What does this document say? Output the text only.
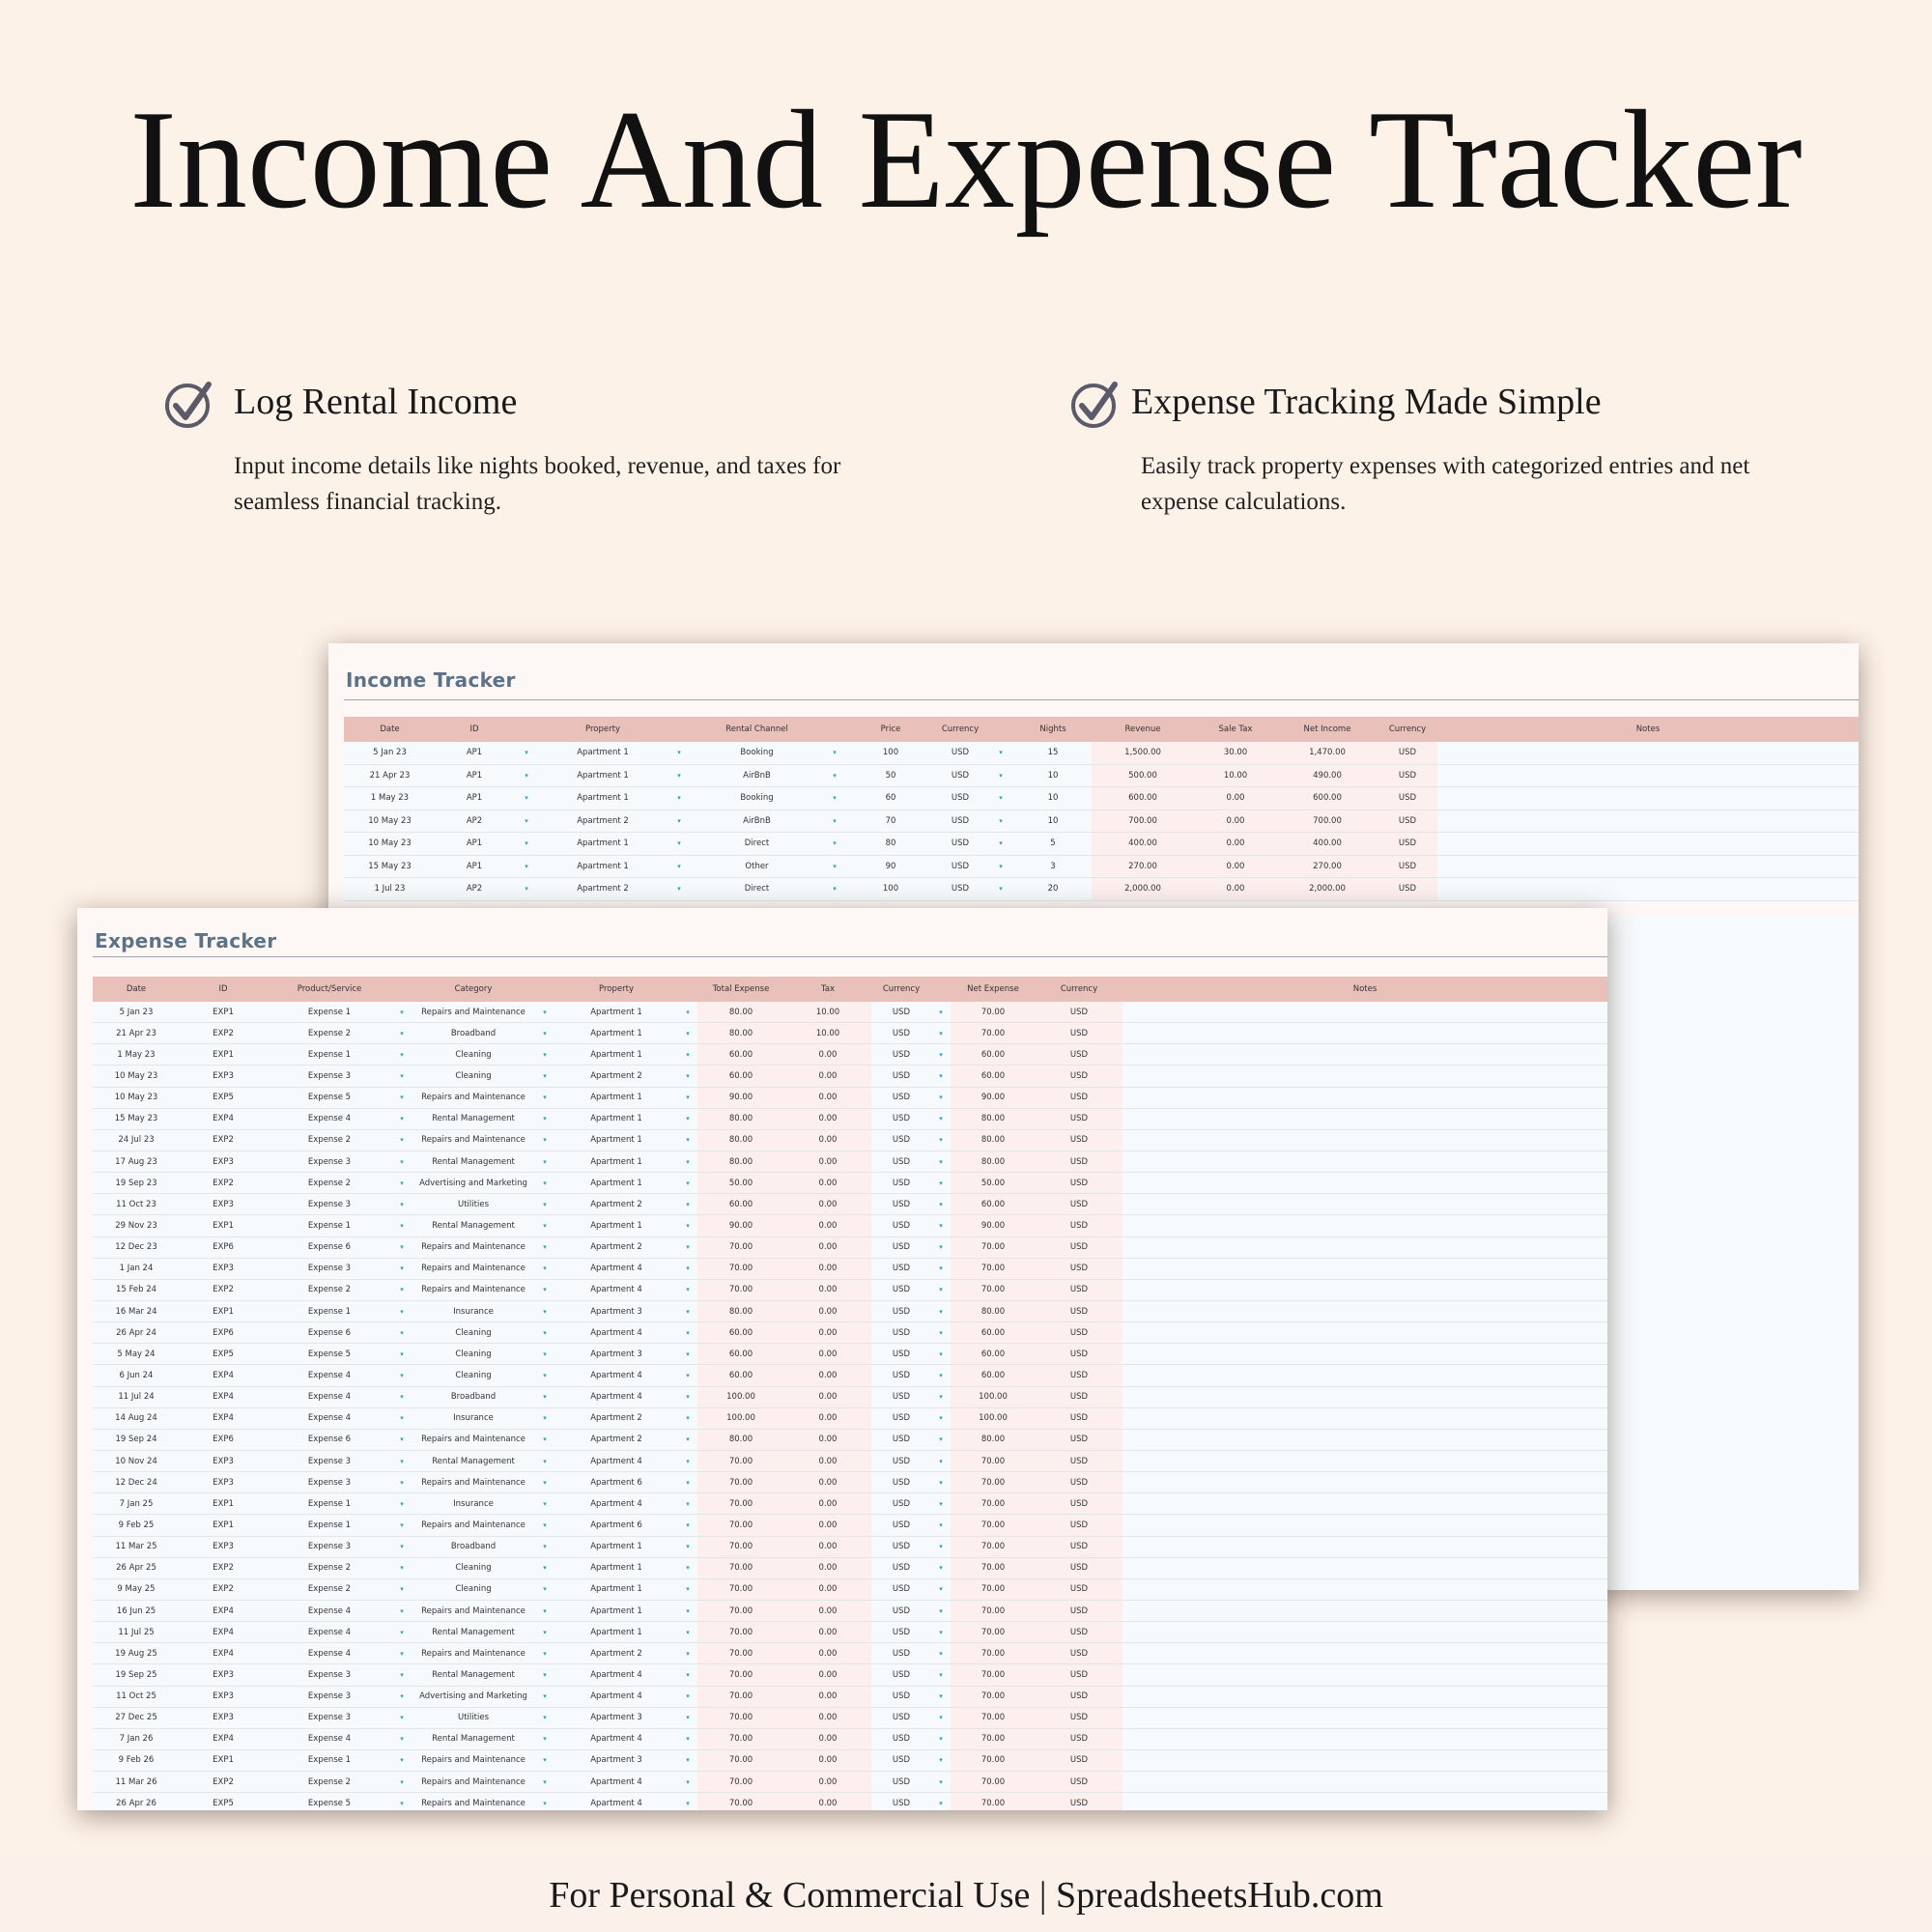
Income And Expense Tracker
Log Rental Income

Input income details like nights booked, revenue, and taxes for seamless financial tracking.

Expense Tracking Made Simple

Easily track property expenses with categorized entries and net expense calculations.

Income Tracker
Date	ID		Property		Rental Channel		Price	Currency		Nights	Revenue	Sale Tax	Net Income	Currency	Notes
5 Jan 23	AP1	▾	Apartment 1	▾	Booking	▾	100	USD	▾	15	1,500.00	30.00	1,470.00	USD	
21 Apr 23	AP1	▾	Apartment 1	▾	AirBnB	▾	50	USD	▾	10	500.00	10.00	490.00	USD	
1 May 23	AP1	▾	Apartment 1	▾	Booking	▾	60	USD	▾	10	600.00	0.00	600.00	USD	
10 May 23	AP2	▾	Apartment 2	▾	AirBnB	▾	70	USD	▾	10	700.00	0.00	700.00	USD	
10 May 23	AP1	▾	Apartment 1	▾	Direct	▾	80	USD	▾	5	400.00	0.00	400.00	USD	
15 May 23	AP1	▾	Apartment 1	▾	Other	▾	90	USD	▾	3	270.00	0.00	270.00	USD	
1 Jul 23	AP2	▾	Apartment 2	▾	Direct	▾	100	USD	▾	20	2,000.00	0.00	2,000.00	USD	
Expense Tracker
Date	ID	Product/Service		Category		Property		Total Expense	Tax	Currency		Net Expense	Currency	Notes
5 Jan 23	EXP1	Expense 1	▾	Repairs and Maintenance	▾	Apartment 1	▾	80.00	10.00	USD	▾	70.00	USD	
21 Apr 23	EXP2	Expense 2	▾	Broadband	▾	Apartment 1	▾	80.00	10.00	USD	▾	70.00	USD	
1 May 23	EXP1	Expense 1	▾	Cleaning	▾	Apartment 1	▾	60.00	0.00	USD	▾	60.00	USD	
10 May 23	EXP3	Expense 3	▾	Cleaning	▾	Apartment 2	▾	60.00	0.00	USD	▾	60.00	USD	
10 May 23	EXP5	Expense 5	▾	Repairs and Maintenance	▾	Apartment 1	▾	90.00	0.00	USD	▾	90.00	USD	
15 May 23	EXP4	Expense 4	▾	Rental Management	▾	Apartment 1	▾	80.00	0.00	USD	▾	80.00	USD	
24 Jul 23	EXP2	Expense 2	▾	Repairs and Maintenance	▾	Apartment 1	▾	80.00	0.00	USD	▾	80.00	USD	
17 Aug 23	EXP3	Expense 3	▾	Rental Management	▾	Apartment 1	▾	80.00	0.00	USD	▾	80.00	USD	
19 Sep 23	EXP2	Expense 2	▾	Advertising and Marketing	▾	Apartment 1	▾	50.00	0.00	USD	▾	50.00	USD	
11 Oct 23	EXP3	Expense 3	▾	Utilities	▾	Apartment 2	▾	60.00	0.00	USD	▾	60.00	USD	
29 Nov 23	EXP1	Expense 1	▾	Rental Management	▾	Apartment 1	▾	90.00	0.00	USD	▾	90.00	USD	
12 Dec 23	EXP6	Expense 6	▾	Repairs and Maintenance	▾	Apartment 2	▾	70.00	0.00	USD	▾	70.00	USD	
1 Jan 24	EXP3	Expense 3	▾	Repairs and Maintenance	▾	Apartment 4	▾	70.00	0.00	USD	▾	70.00	USD	
15 Feb 24	EXP2	Expense 2	▾	Repairs and Maintenance	▾	Apartment 4	▾	70.00	0.00	USD	▾	70.00	USD	
16 Mar 24	EXP1	Expense 1	▾	Insurance	▾	Apartment 3	▾	80.00	0.00	USD	▾	80.00	USD	
26 Apr 24	EXP6	Expense 6	▾	Cleaning	▾	Apartment 4	▾	60.00	0.00	USD	▾	60.00	USD	
5 May 24	EXP5	Expense 5	▾	Cleaning	▾	Apartment 3	▾	60.00	0.00	USD	▾	60.00	USD	
6 Jun 24	EXP4	Expense 4	▾	Cleaning	▾	Apartment 4	▾	60.00	0.00	USD	▾	60.00	USD	
11 Jul 24	EXP4	Expense 4	▾	Broadband	▾	Apartment 4	▾	100.00	0.00	USD	▾	100.00	USD	
14 Aug 24	EXP4	Expense 4	▾	Insurance	▾	Apartment 2	▾	100.00	0.00	USD	▾	100.00	USD	
19 Sep 24	EXP6	Expense 6	▾	Repairs and Maintenance	▾	Apartment 2	▾	80.00	0.00	USD	▾	80.00	USD	
10 Nov 24	EXP3	Expense 3	▾	Rental Management	▾	Apartment 4	▾	70.00	0.00	USD	▾	70.00	USD	
12 Dec 24	EXP3	Expense 3	▾	Repairs and Maintenance	▾	Apartment 6	▾	70.00	0.00	USD	▾	70.00	USD	
7 Jan 25	EXP1	Expense 1	▾	Insurance	▾	Apartment 4	▾	70.00	0.00	USD	▾	70.00	USD	
9 Feb 25	EXP1	Expense 1	▾	Repairs and Maintenance	▾	Apartment 6	▾	70.00	0.00	USD	▾	70.00	USD	
11 Mar 25	EXP3	Expense 3	▾	Broadband	▾	Apartment 1	▾	70.00	0.00	USD	▾	70.00	USD	
26 Apr 25	EXP2	Expense 2	▾	Cleaning	▾	Apartment 1	▾	70.00	0.00	USD	▾	70.00	USD	
9 May 25	EXP2	Expense 2	▾	Cleaning	▾	Apartment 1	▾	70.00	0.00	USD	▾	70.00	USD	
16 Jun 25	EXP4	Expense 4	▾	Repairs and Maintenance	▾	Apartment 1	▾	70.00	0.00	USD	▾	70.00	USD	
11 Jul 25	EXP4	Expense 4	▾	Rental Management	▾	Apartment 1	▾	70.00	0.00	USD	▾	70.00	USD	
19 Aug 25	EXP4	Expense 4	▾	Repairs and Maintenance	▾	Apartment 2	▾	70.00	0.00	USD	▾	70.00	USD	
19 Sep 25	EXP3	Expense 3	▾	Rental Management	▾	Apartment 4	▾	70.00	0.00	USD	▾	70.00	USD	
11 Oct 25	EXP3	Expense 3	▾	Advertising and Marketing	▾	Apartment 4	▾	70.00	0.00	USD	▾	70.00	USD	
27 Dec 25	EXP3	Expense 3	▾	Utilities	▾	Apartment 3	▾	70.00	0.00	USD	▾	70.00	USD	
7 Jan 26	EXP4	Expense 4	▾	Rental Management	▾	Apartment 4	▾	70.00	0.00	USD	▾	70.00	USD	
9 Feb 26	EXP1	Expense 1	▾	Repairs and Maintenance	▾	Apartment 3	▾	70.00	0.00	USD	▾	70.00	USD	
11 Mar 26	EXP2	Expense 2	▾	Repairs and Maintenance	▾	Apartment 4	▾	70.00	0.00	USD	▾	70.00	USD	
26 Apr 26	EXP5	Expense 5	▾	Repairs and Maintenance	▾	Apartment 4	▾	70.00	0.00	USD	▾	70.00	USD	
For Personal & Commercial Use | SpreadsheetsHub.com
